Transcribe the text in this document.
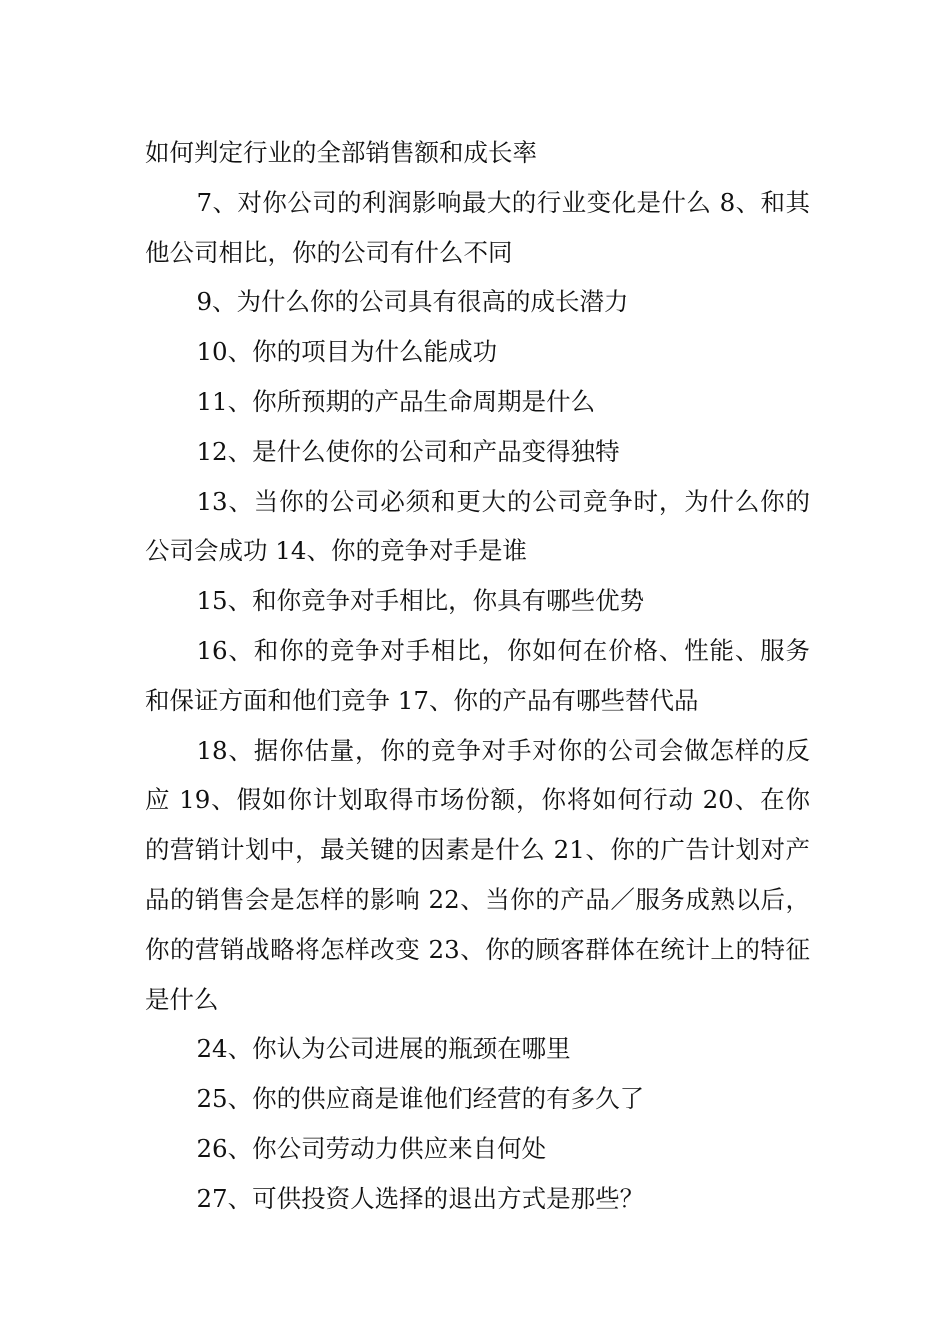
如何判定行业的全部销售额和成长率

7、对你公司的利润影响最大的行业变化是什么 8、和其他公司相比，你的公司有什么不同

9、为什么你的公司具有很高的成长潜力

10、你的项目为什么能成功

11、你所预期的产品生命周期是什么

12、是什么使你的公司和产品变得独特

13、当你的公司必须和更大的公司竞争时，为什么你的公司会成功 14、你的竞争对手是谁

15、和你竞争对手相比，你具有哪些优势

16、和你的竞争对手相比，你如何在价格、性能、服务和保证方面和他们竞争 17、你的产品有哪些替代品

18、据你估量，你的竞争对手对你的公司会做怎样的反应 19、假如你计划取得市场份额，你将如何行动 20、在你的营销计划中，最关键的因素是什么 21、你的广告计划对产品的销售会是怎样的影响 22、当你的产品／服务成熟以后，你的营销战略将怎样改变 23、你的顾客群体在统计上的特征是什么

24、你认为公司进展的瓶颈在哪里

25、你的供应商是谁他们经营的有多久了

26、你公司劳动力供应来自何处

27、可供投资人选择的退出方式是那些？
